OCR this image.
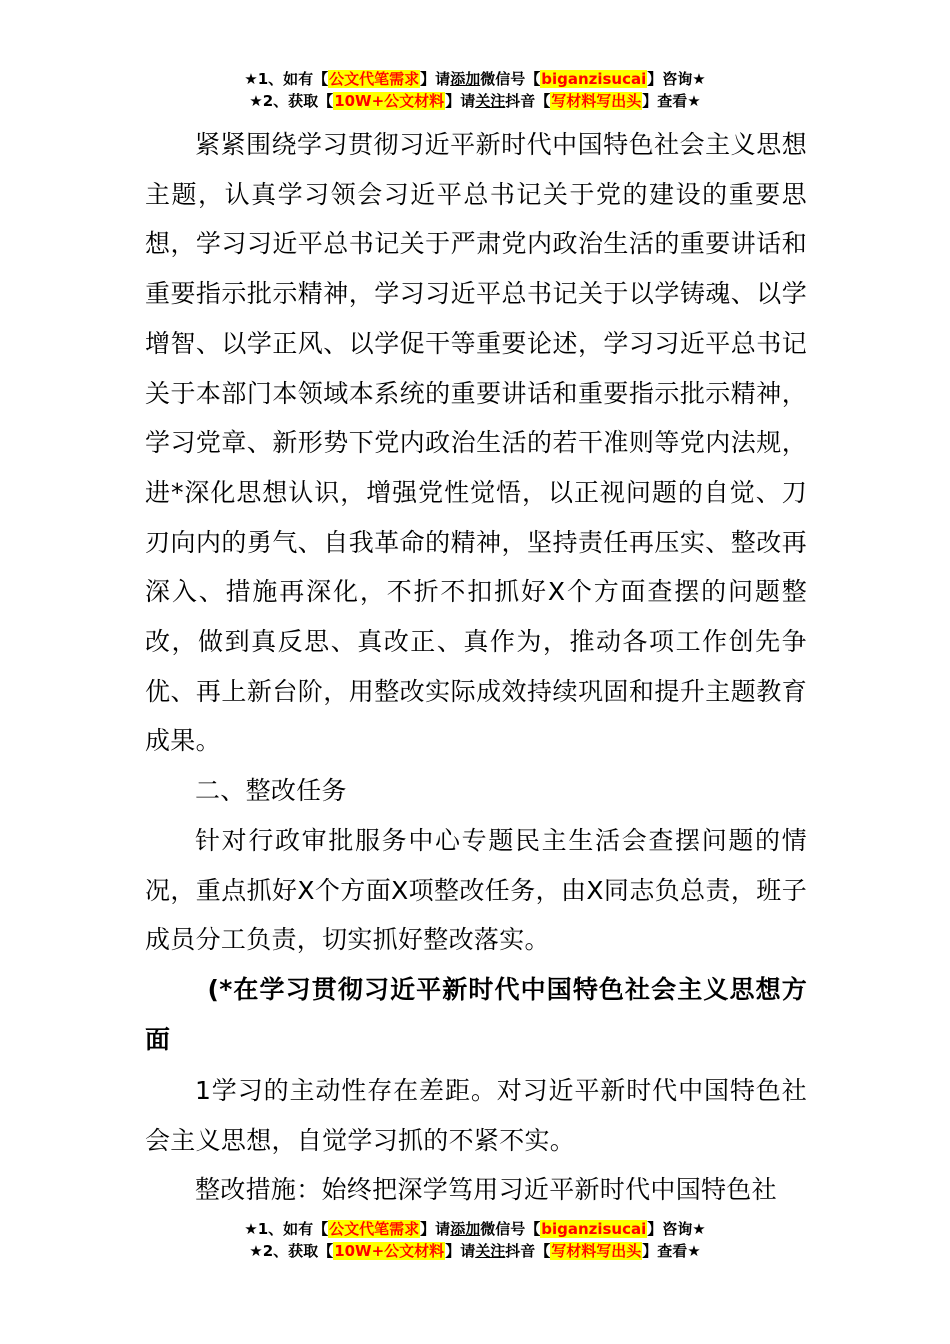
★1、如有【公文代笔需求】请添加微信号【biganzisucai】咨询★
★2、获取【10W+公文材料】请关注抖音【写材料写出头】查看★

紧紧围绕学习贯彻习近平新时代中国特色社会主义思想主题，认真学习领会习近平总书记关于党的建设的重要思想，学习习近平总书记关于严肃党内政治生活的重要讲话和重要指示批示精神，学习习近平总书记关于以学铸魂、以学增智、以学正风、以学促干等重要论述，学习习近平总书记关于本部门本领域本系统的重要讲话和重要指示批示精神，学习党章、新形势下党内政治生活的若干准则等党内法规，进*深化思想认识，增强党性觉悟，以正视问题的自觉、刀刃向内的勇气、自我革命的精神，坚持责任再压实、整改再深入、措施再深化，不折不扣抓好X个方面查摆的问题整改，做到真反思、真改正、真作为，推动各项工作创先争优、再上新台阶，用整改实际成效持续巩固和提升主题教育成果。

二、整改任务

针对行政审批服务中心专题民主生活会查摆问题的情况，重点抓好X个方面X项整改任务，由X同志负总责，班子成员分工负责，切实抓好整改落实。

(*在学习贯彻习近平新时代中国特色社会主义思想方面

1学习的主动性存在差距。对习近平新时代中国特色社会主义思想，自觉学习抓的不紧不实。

整改措施：始终把深学笃用习近平新时代中国特色社

★1、如有【公文代笔需求】请添加微信号【biganzisucai】咨询★
★2、获取【10W+公文材料】请关注抖音【写材料写出头】查看★
